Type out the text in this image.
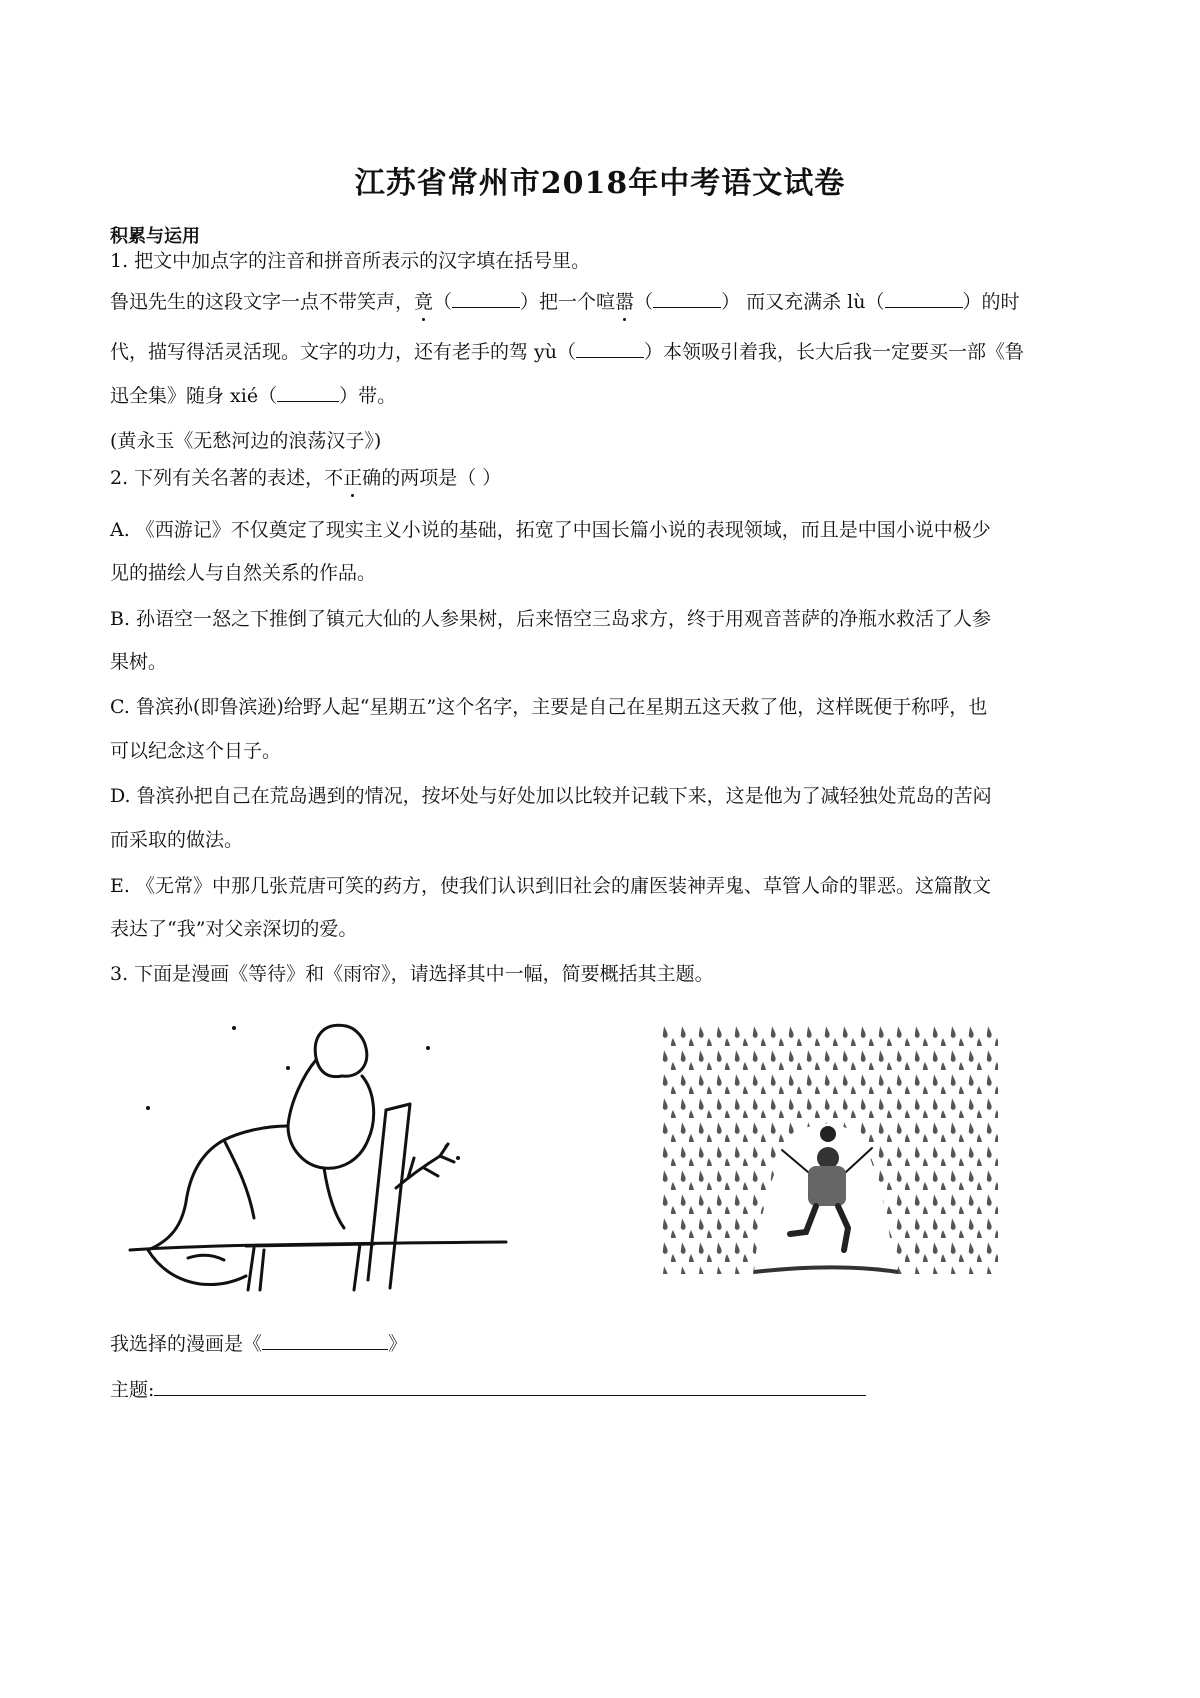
江苏省常州市2018年中考语文试卷
积累与运用
1. 把文中加点字的注音和拼音所表示的汉字填在括号里。
鲁迅先生的这段文字一点不带笑声，竟（	）把一个喧嚣（	） 而又充满杀 lù（	）的时
代，描写得活灵活现。文字的功力，还有老手的驾 yù（	）本领吸引着我，长大后我一定要买一部《鲁
迅全集》随身 xié（	）带。
(黄永玉《无愁河边的浪荡汉子》)
2. 下列有关名著的表述，不正确的两项是（ ）
A. 《西游记》不仅奠定了现实主义小说的基础，拓宽了中国长篇小说的表现领域，而且是中国小说中极少
见的描绘人与自然关系的作品。
B. 孙语空一怒之下推倒了镇元大仙的人参果树，后来悟空三岛求方，终于用观音菩萨的净瓶水救活了人参
果树。
C. 鲁滨孙(即鲁滨逊)给野人起“星期五”这个名字，主要是自己在星期五这天救了他，这样既便于称呼，也
可以纪念这个日子。
D. 鲁滨孙把自己在荒岛遇到的情况，按坏处与好处加以比较并记载下来，这是他为了减轻独处荒岛的苦闷
而采取的做法。
E. 《无常》中那几张荒唐可笑的药方，使我们认识到旧社会的庸医装神弄鬼、草管人命的罪恶。这篇散文
表达了“我”对父亲深切的爱。
3. 下面是漫画《等待》和《雨帘》，请选择其中一幅，简要概括其主题。
我选择的漫画是《	》
主题:
